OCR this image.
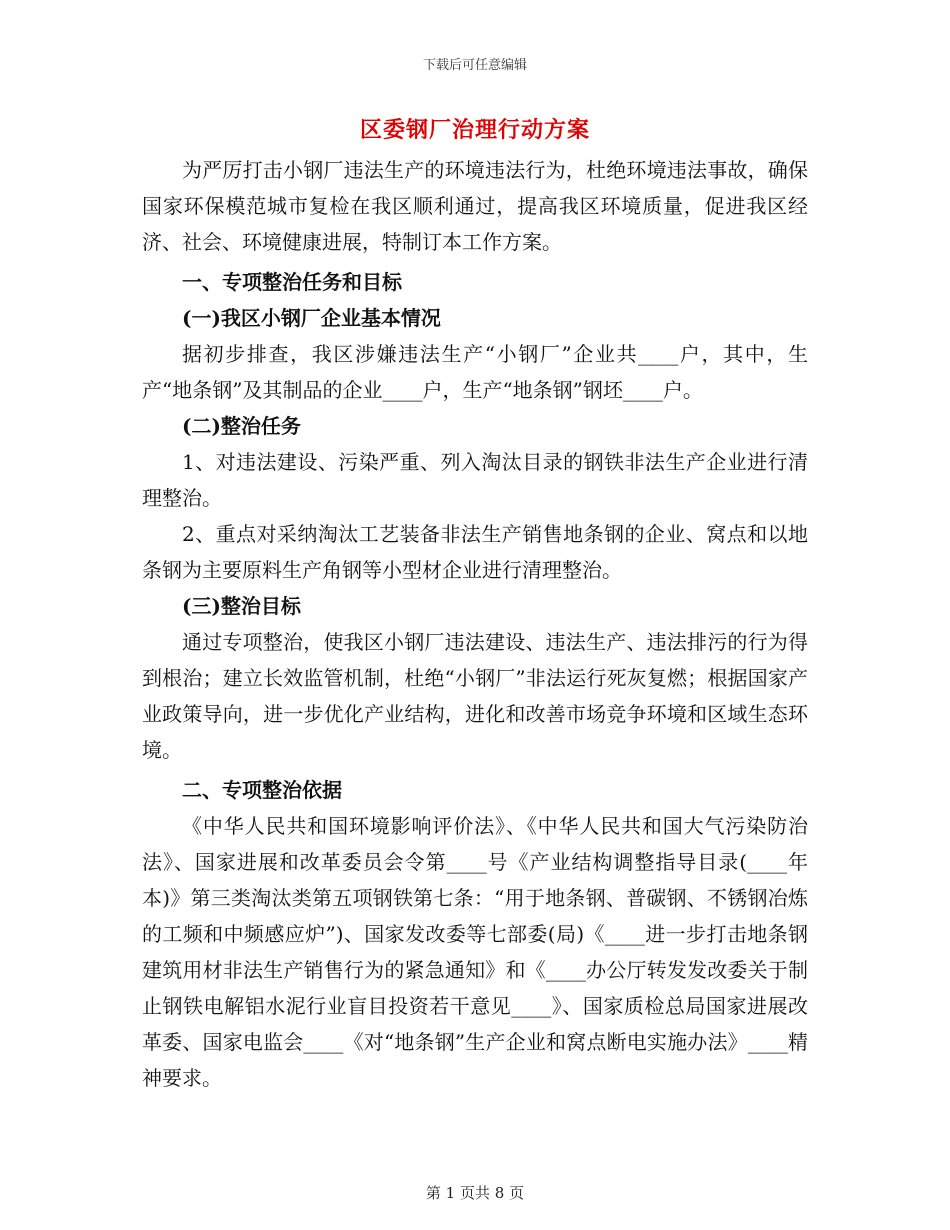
下载后可任意编辑
区委钢厂治理行动方案

为严厉打击小钢厂违法生产的环境违法行为，杜绝环境违法事故，确保国家环保模范城市复检在我区顺利通过，提高我区环境质量，促进我区经济、社会、环境健康进展，特制订本工作方案。

一、专项整治任务和目标

(一)我区小钢厂企业基本情况

据初步排查，我区涉嫌违法生产“小钢厂”企业共____户，其中，生产“地条钢”及其制品的企业____户，生产“地条钢”钢坯____户。

(二)整治任务

1、对违法建设、污染严重、列入淘汰目录的钢铁非法生产企业进行清理整治。

2、重点对采纳淘汰工艺装备非法生产销售地条钢的企业、窝点和以地条钢为主要原料生产角钢等小型材企业进行清理整治。

(三)整治目标

通过专项整治，使我区小钢厂违法建设、违法生产、违法排污的行为得到根治；建立长效监管机制，杜绝“小钢厂”非法运行死灰复燃；根据国家产业政策导向，进一步优化产业结构，进化和改善市场竞争环境和区域生态环境。

二、专项整治依据

《中华人民共和国环境影响评价法》、《中华人民共和国大气污染防治法》、国家进展和改革委员会令第____号《产业结构调整指导目录(____年本)》第三类淘汰类第五项钢铁第七条：“用于地条钢、普碳钢、不锈钢冶炼的工频和中频感应炉”)、国家发改委等七部委(局)《____进一步打击地条钢建筑用材非法生产销售行为的紧急通知》和《____办公厅转发发改委关于制止钢铁电解铝水泥行业盲目投资若干意见____》、国家质检总局国家进展改革委、国家电监会____《对“地条钢”生产企业和窝点断电实施办法》____精神要求。

第 1 页共 8 页
